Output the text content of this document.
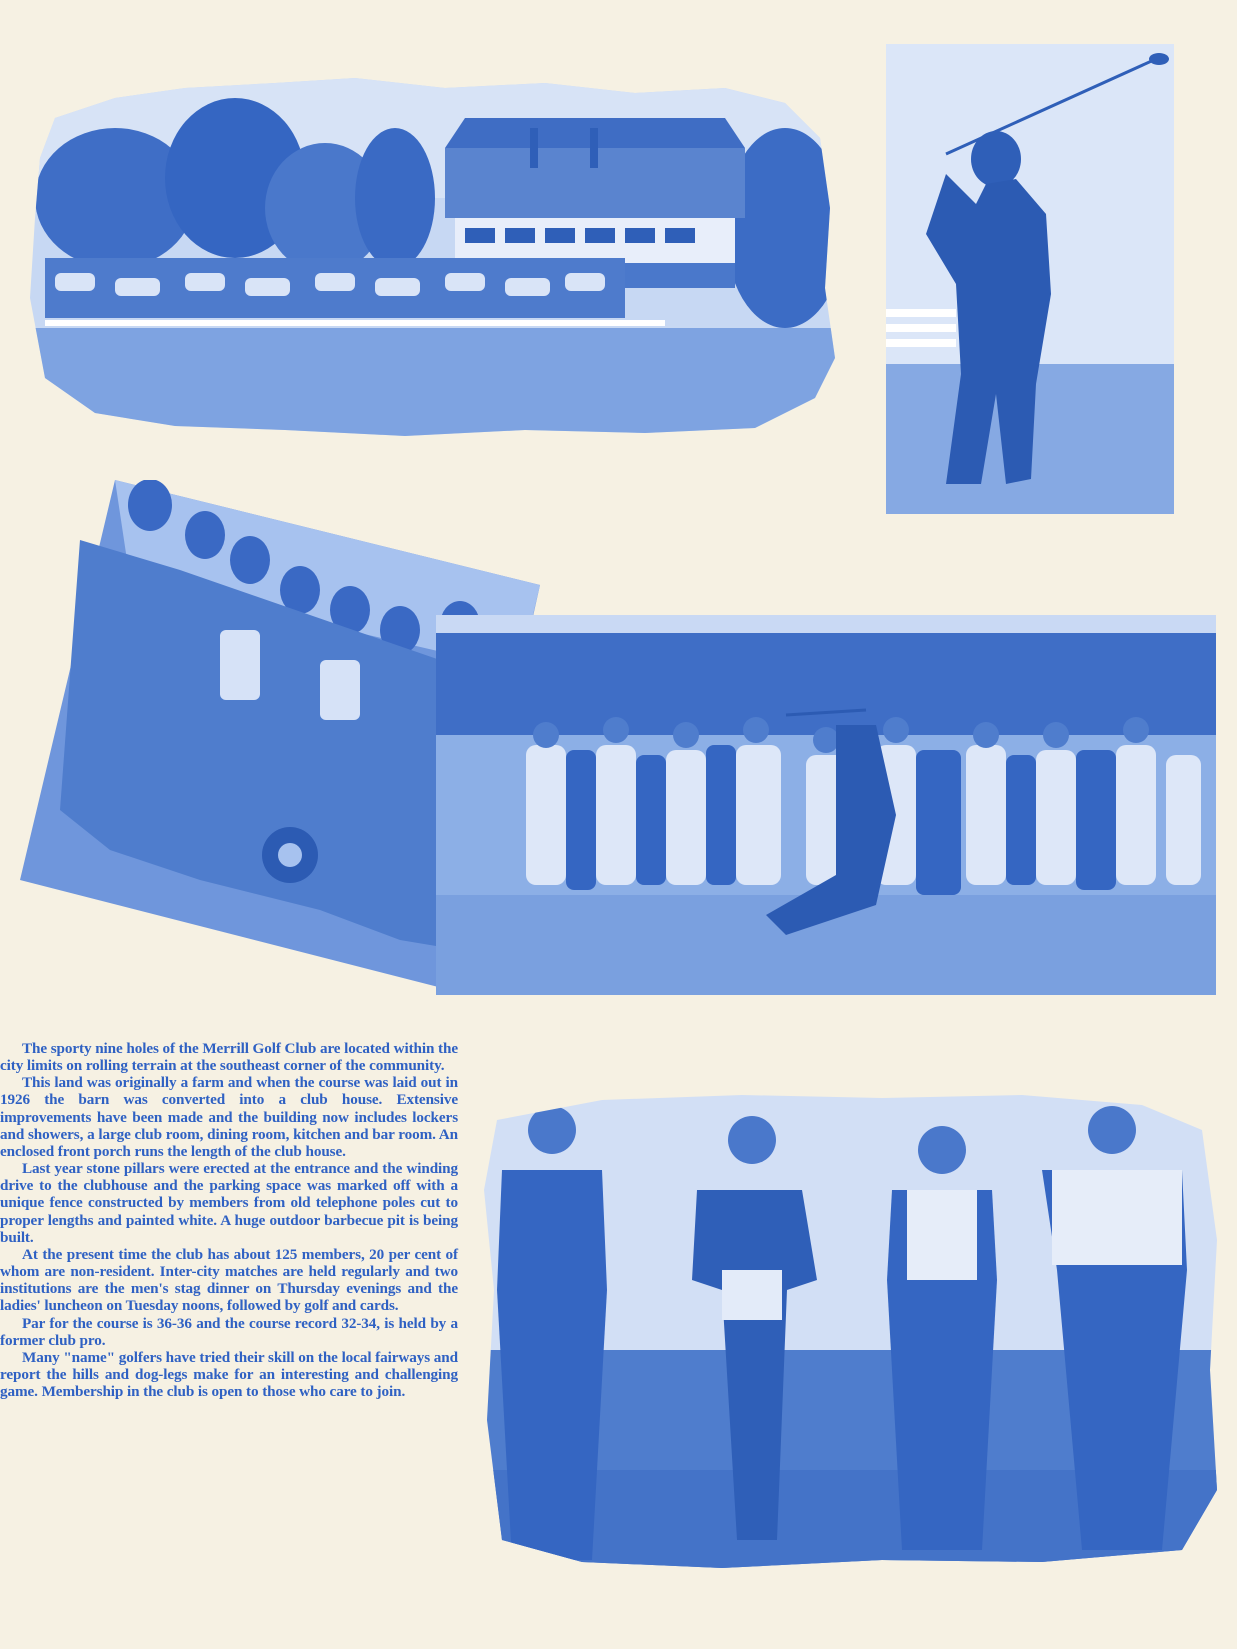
The sporty nine holes of the Merrill Golf Club are located within the city limits on rolling terrain at the southeast corner of the community.

This land was originally a farm and when the course was laid out in 1926 the barn was converted into a club house. Extensive improvements have been made and the building now includes lockers and showers, a large club room, dining room, kitchen and bar room. An enclosed front porch runs the length of the club house.

Last year stone pillars were erected at the entrance and the winding drive to the clubhouse and the parking space was marked off with a unique fence constructed by members from old telephone poles cut to proper lengths and painted white. A huge outdoor barbecue pit is being built.

At the present time the club has about 125 members, 20 per cent of whom are non-resident. Inter-city matches are held regularly and two institutions are the men's stag dinner on Thursday evenings and the ladies' luncheon on Tuesday noons, followed by golf and cards.

Par for the course is 36-36 and the course record 32-34, is held by a former club pro.

Many "name" golfers have tried their skill on the local fairways and report the hills and dog-legs make for an interesting and challenging game. Membership in the club is open to those who care to join.
